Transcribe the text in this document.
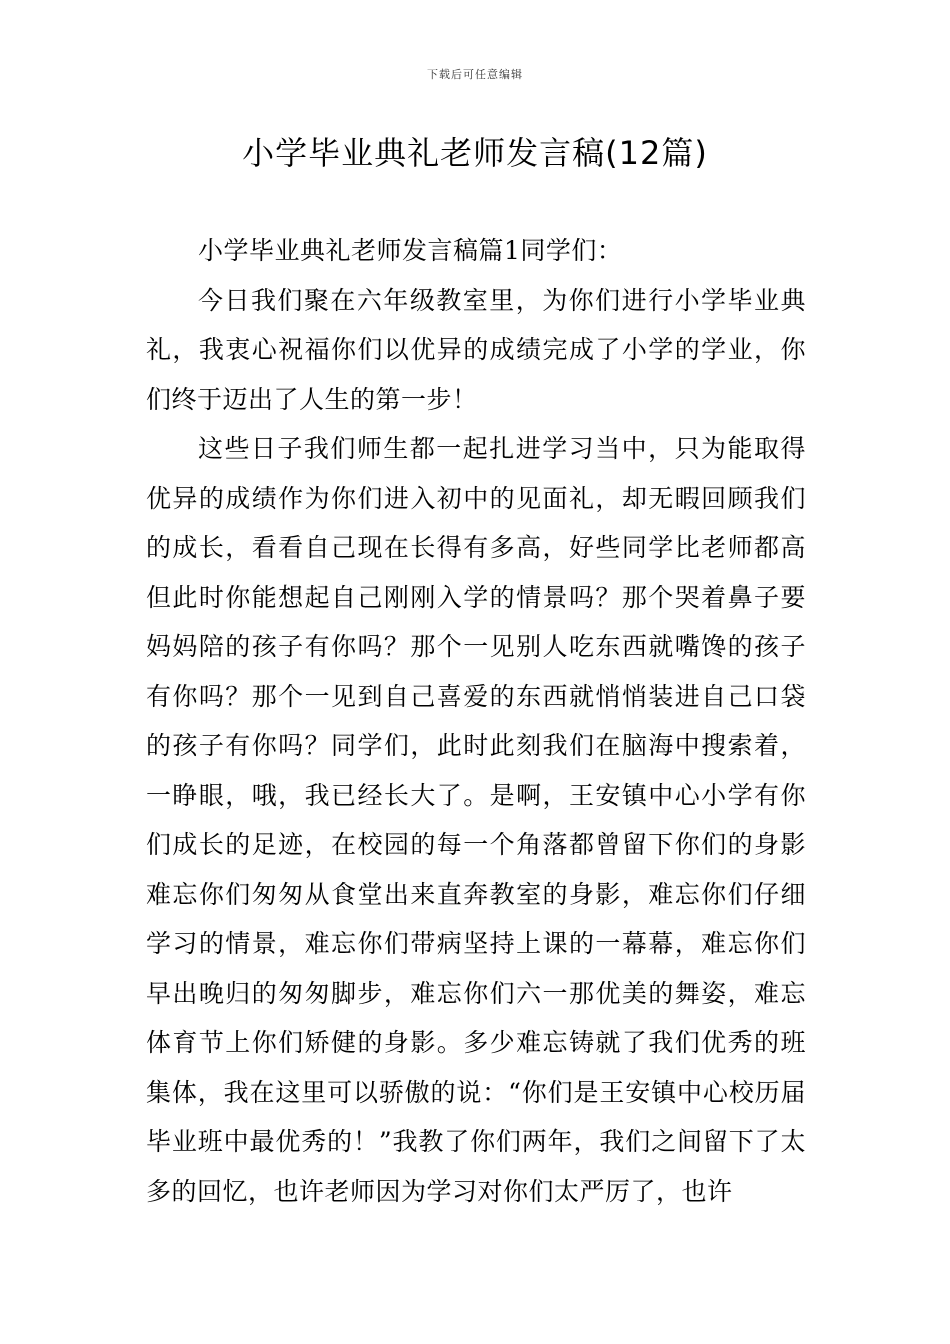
下载后可任意编辑
小学毕业典礼老师发言稿(12篇)

小学毕业典礼老师发言稿篇1同学们：

今日我们聚在六年级教室里，为你们进行小学毕业典礼，我衷心祝福你们以优异的成绩完成了小学的学业，你们终于迈出了人生的第一步！

这些日子我们师生都一起扎进学习当中，只为能取得优异的成绩作为你们进入初中的见面礼，却无暇回顾我们的成长，看看自己现在长得有多高，好些同学比老师都高但此时你能想起自己刚刚入学的情景吗？那个哭着鼻子要妈妈陪的孩子有你吗？那个一见别人吃东西就嘴馋的孩子有你吗？那个一见到自己喜爱的东西就悄悄装进自己口袋的孩子有你吗？同学们，此时此刻我们在脑海中搜索着，一睁眼，哦，我已经长大了。是啊，王安镇中心小学有你们成长的足迹，在校园的每一个角落都曾留下你们的身影难忘你们匆匆从食堂出来直奔教室的身影，难忘你们仔细学习的情景，难忘你们带病坚持上课的一幕幕，难忘你们早出晚归的匆匆脚步，难忘你们六一那优美的舞姿，难忘体育节上你们矫健的身影。多少难忘铸就了我们优秀的班集体，我在这里可以骄傲的说：“你们是王安镇中心校历届毕业班中最优秀的！”我教了你们两年，我们之间留下了太多的回忆，也许老师因为学习对你们太严厉了，也许
